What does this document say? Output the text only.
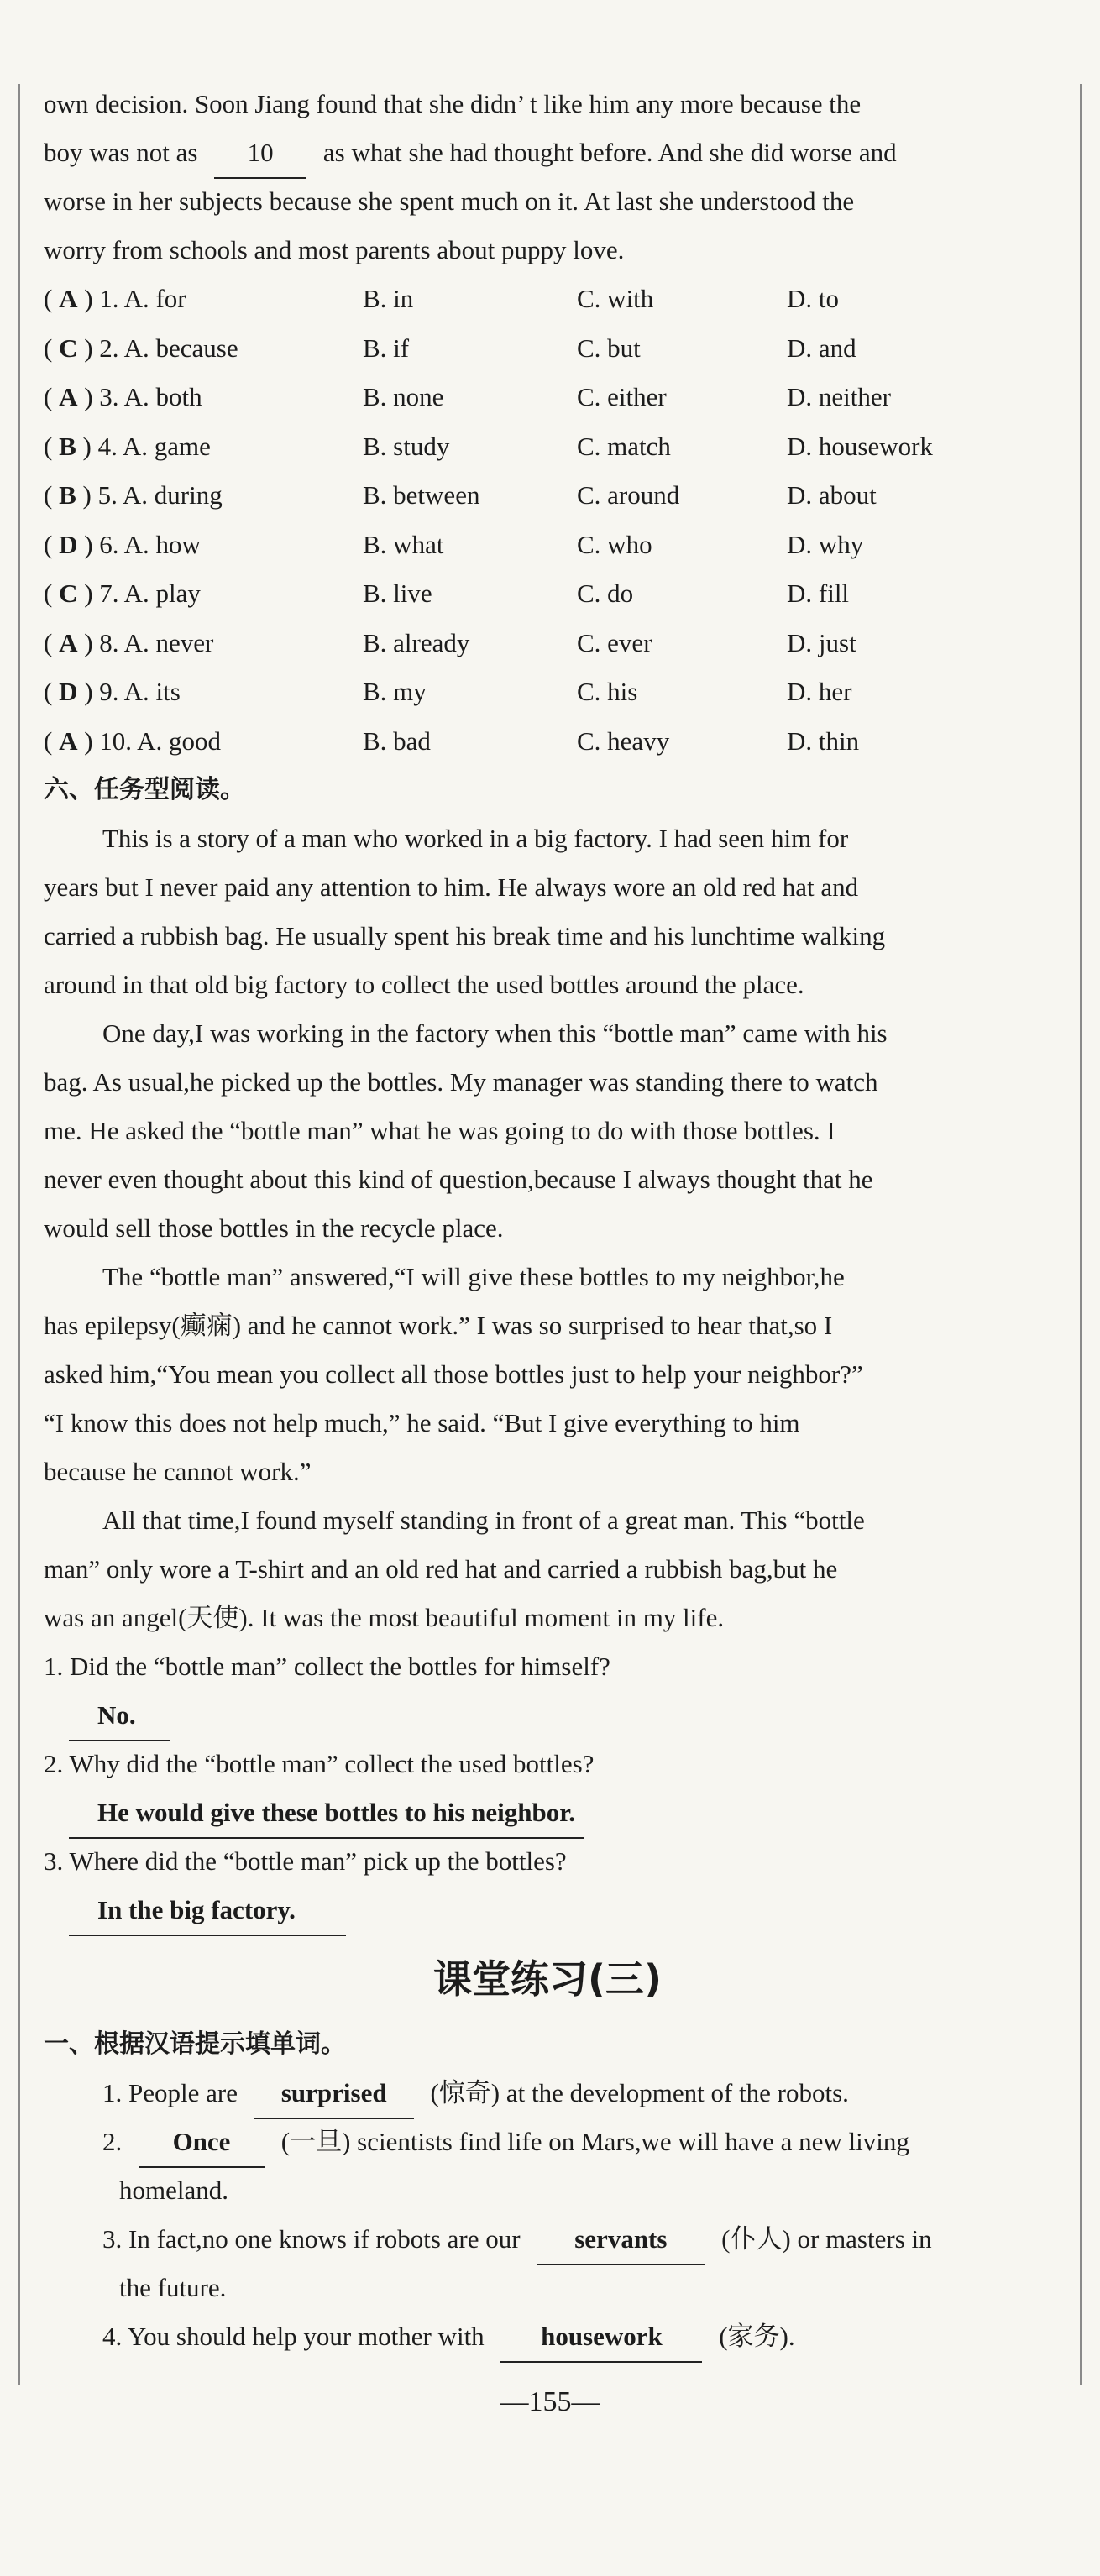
own decision. Soon Jiang found that she didn’ t like him any more because the
boy was not as 10 as what she had thought before. And she did worse and
worse in her subjects because she spent much on it. At last she understood the
worry from schools and most parents about puppy love.
( A ) 1. A. for	B. in	C. with	D. to
( C ) 2. A. because	B. if	C. but	D. and
( A ) 3. A. both	B. none	C. either	D. neither
( B ) 4. A. game	B. study	C. match	D. housework
( B ) 5. A. during	B. between	C. around	D. about
( D ) 6. A. how	B. what	C. who	D. why
( C ) 7. A. play	B. live	C. do	D. fill
( A ) 8. A. never	B. already	C. ever	D. just
( D ) 9. A. its	B. my	C. his	D. her
( A ) 10. A. good	B. bad	C. heavy	D. thin
六、任务型阅读。
This is a story of a man who worked in a big factory. I had seen him for
years but I never paid any attention to him. He always wore an old red hat and
carried a rubbish bag. He usually spent his break time and his lunchtime walking
around in that old big factory to collect the used bottles around the place.
One day,I was working in the factory when this “bottle man” came with his
bag. As usual,he picked up the bottles. My manager was standing there to watch
me. He asked the “bottle man” what he was going to do with those bottles. I
never even thought about this kind of question,because I always thought that he
would sell those bottles in the recycle place.
The “bottle man” answered,“I will give these bottles to my neighbor,he
has epilepsy(癫痫) and he cannot work.” I was so surprised to hear that,so I
asked him,“You mean you collect all those bottles just to help your neighbor?”
“I know this does not help much,” he said. “But I give everything to him
because he cannot work.”
All that time,I found myself standing in front of a great man. This “bottle
man” only wore a T-shirt and an old red hat and carried a rubbish bag,but he
was an angel(天使). It was the most beautiful moment in my life.
1. Did the “bottle man” collect the bottles for himself?
No.
2. Why did the “bottle man” collect the used bottles?
He would give these bottles to his neighbor.
3. Where did the “bottle man” pick up the bottles?
In the big factory.
课堂练习(三)
一、根据汉语提示填单词。
1. People are surprised (惊奇) at the development of the robots.
2. Once (一旦) scientists find life on Mars,we will have a new living
homeland.
3. In fact,no one knows if robots are our servants (仆人) or masters in
the future.
4. You should help your mother with housework (家务).
—155—
